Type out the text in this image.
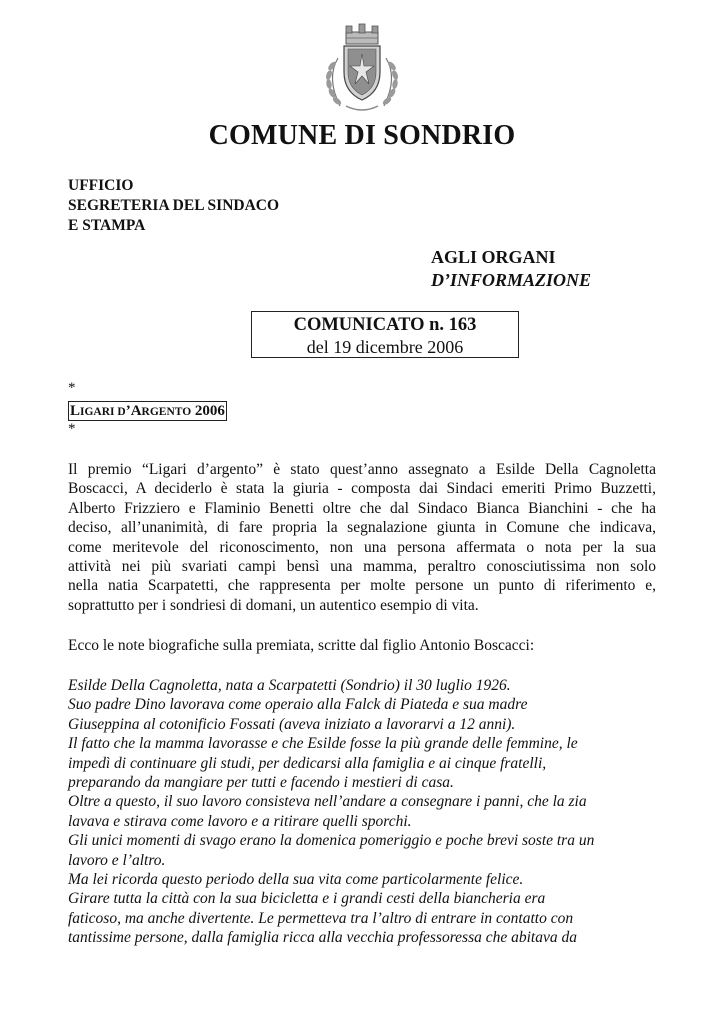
COMUNE DI SONDRIO
UFFICIO
SEGRETERIA DEL SINDACO
E STAMPA
AGLI ORGANI
D’INFORMAZIONE
COMUNICATO n. 163
del 19 dicembre 2006
*
LIGARI D’ARGENTO 2006
*
Il premio “Ligari d’argento” è stato quest’anno assegnato a Esilde Della Cagnoletta
Boscacci, A deciderlo è stata la giuria - composta dai Sindaci emeriti Primo Buzzetti,
Alberto Frizziero e Flaminio Benetti oltre che dal Sindaco Bianca Bianchini - che ha
deciso, all’unanimità, di fare propria la segnalazione giunta in Comune che indicava,
come meritevole del riconoscimento, non una persona affermata o nota per la sua
attività nei più svariati campi bensì una mamma, peraltro conosciutissima non solo
nella natia Scarpatetti, che rappresenta per molte persone un punto di riferimento e,
soprattutto per i sondriesi di domani, un autentico esempio di vita.
Ecco le note biografiche sulla premiata, scritte dal figlio Antonio Boscacci:
Esilde Della Cagnoletta, nata a Scarpatetti (Sondrio) il 30 luglio 1926.
Suo padre Dino lavorava come operaio alla Falck di Piateda e sua madre
Giuseppina al cotonificio Fossati (aveva iniziato a lavorarvi a 12 anni).
Il fatto che la mamma lavorasse e che Esilde fosse la più grande delle femmine, le
impedì di continuare gli studi, per dedicarsi alla famiglia e ai cinque fratelli,
preparando da mangiare per tutti e facendo i mestieri di casa.
Oltre a questo, il suo lavoro consisteva nell’andare a consegnare i panni, che la zia
lavava e stirava come lavoro e a ritirare quelli sporchi.
Gli unici momenti di svago erano la domenica pomeriggio e poche brevi soste tra un
lavoro e l’altro.
Ma lei ricorda questo periodo della sua vita come particolarmente felice.
Girare tutta la città con la sua bicicletta e i grandi cesti della biancheria era
faticoso, ma anche divertente. Le permetteva tra l’altro di entrare in contatto con
tantissime persone, dalla famiglia ricca alla vecchia professoressa che abitava da
